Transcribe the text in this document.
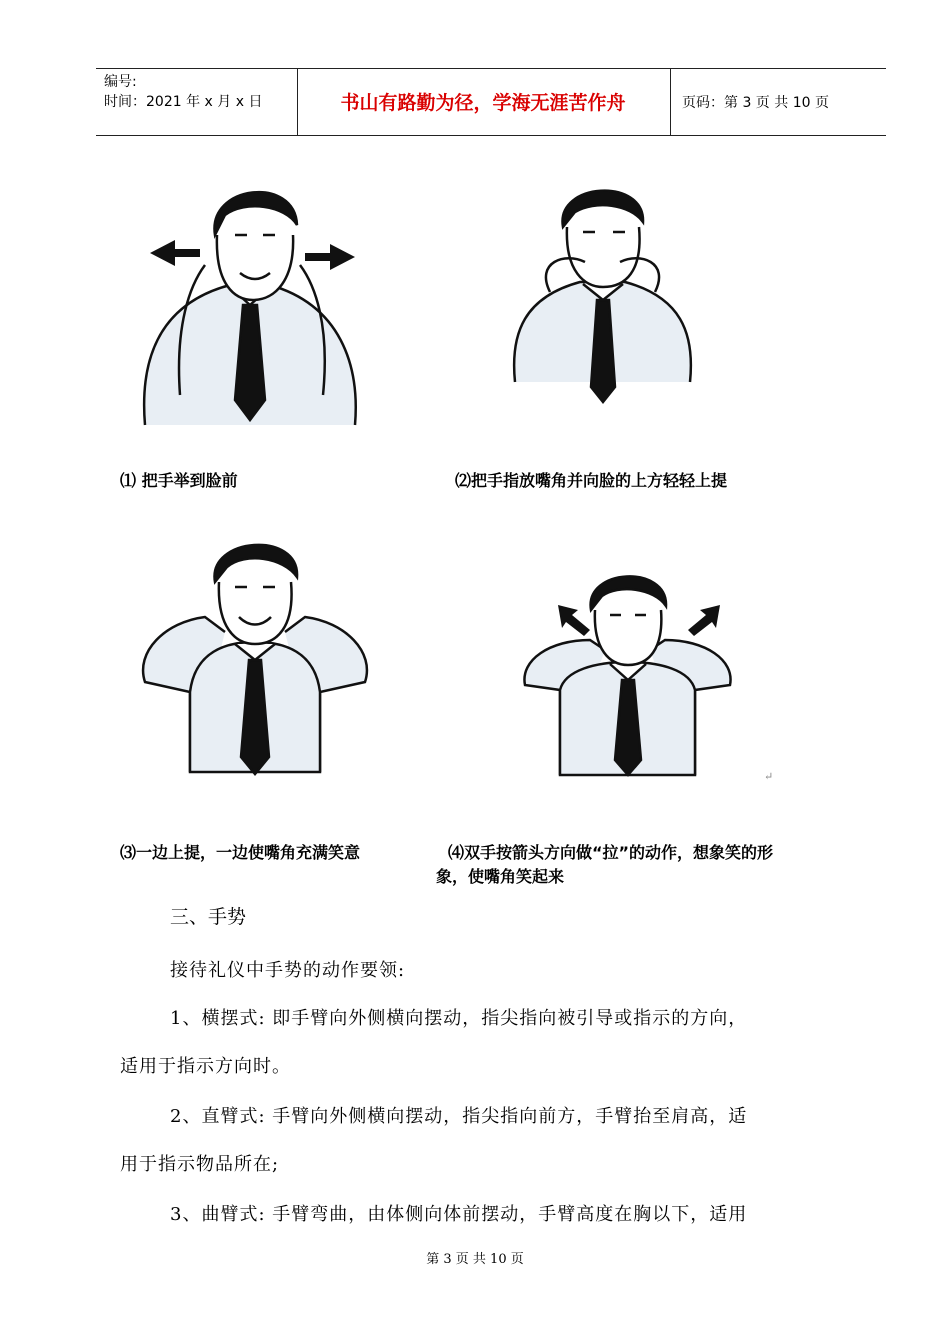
编号:
时间：2021 年 x 月 x 日	书山有路勤为径，学海无涯苦作舟	页码：第 3 页 共 10 页
⑴ 把手举到脸前	⑵把手指放嘴角并向脸的上方轻轻上提
↵
⑶一边上提，一边使嘴角充满笑意	⑷双手按箭头方向做“拉”的动作，想象笑的形
象，使嘴角笑起来
三、手势
接待礼仪中手势的动作要领:
1、横摆式: 即手臂向外侧横向摆动，指尖指向被引导或指示的方向，
适用于指示方向时。
2、直臂式: 手臂向外侧横向摆动，指尖指向前方，手臂抬至肩高，适
用于指示物品所在;
3、曲臂式: 手臂弯曲，由体侧向体前摆动，手臂高度在胸以下，适用
第 3 页 共 10 页
